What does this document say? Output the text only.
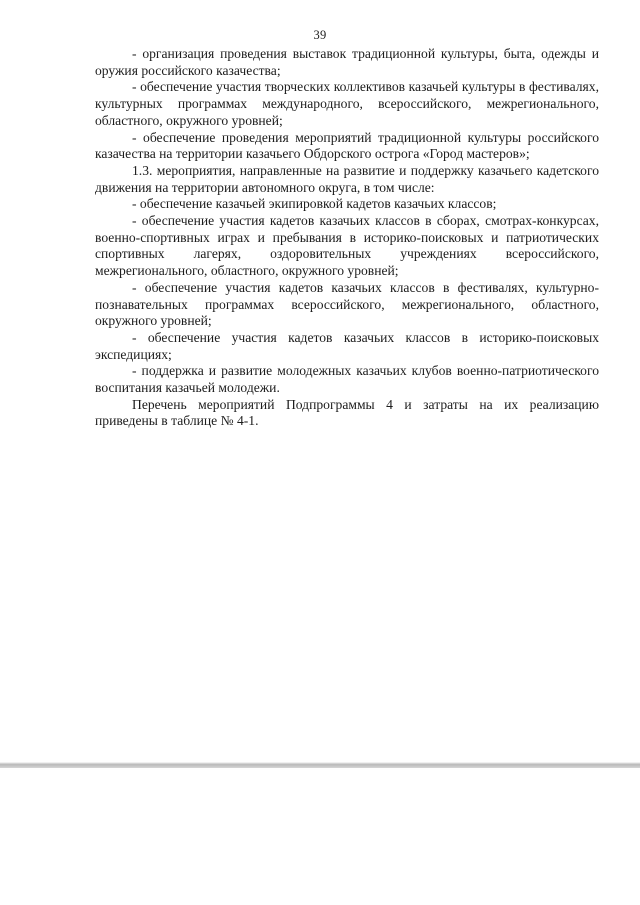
39

- организация проведения выставок традиционной культуры, быта, одежды и оружия российского казачества;

- обеспечение участия творческих коллективов казачьей культуры в фестивалях, культурных программах международного, всероссийского, межрегионального, областного, окружного уровней;

- обеспечение проведения мероприятий традиционной культуры российского казачества на территории казачьего Обдорского острога «Город мастеров»;

1.3. мероприятия, направленные на развитие и поддержку казачьего кадетского движения на территории автономного округа, в том числе:

- обеспечение казачьей экипировкой кадетов казачьих классов;

- обеспечение участия кадетов казачьих классов в сборах, смотрах-конкурсах, военно-спортивных играх и пребывания в историко-поисковых и патриотических спортивных лагерях, оздоровительных учреждениях всероссийского, межрегионального, областного, окружного уровней;

- обеспечение участия кадетов казачьих классов в фестивалях, культурно-познавательных программах всероссийского, межрегионального, областного, окружного уровней;

- обеспечение участия кадетов казачьих классов в историко-поисковых экспедициях;

- поддержка и развитие молодежных казачьих клубов военно-патриотического воспитания казачьей молодежи.

Перечень мероприятий Подпрограммы 4 и затраты на их реализацию приведены в таблице № 4-1.
